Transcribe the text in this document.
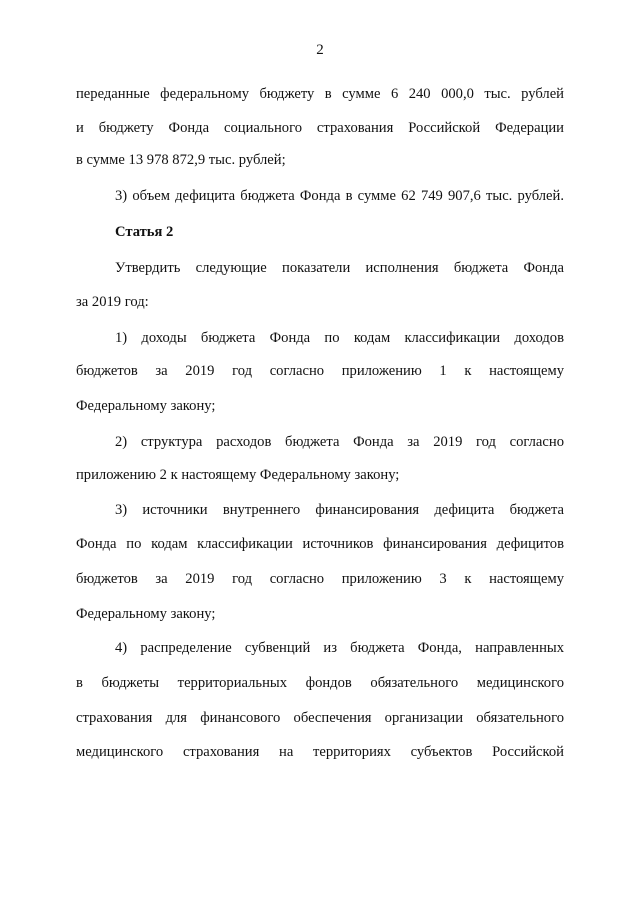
2
переданные федеральному бюджету в сумме 6 240 000,0 тыс. рублей
и бюджету Фонда социального страхования Российской Федерации
в сумме 13 978 872,9 тыс. рублей;
3) объем дефицита бюджета Фонда в сумме 62 749 907,6 тыс. рублей.
Статья 2
Утвердить следующие показатели исполнения бюджета Фонда
за 2019 год:
1) доходы бюджета Фонда по кодам классификации доходов
бюджетов за 2019 год согласно приложению 1 к настоящему
Федеральному закону;
2) структура расходов бюджета Фонда за 2019 год согласно
приложению 2 к настоящему Федеральному закону;
3) источники внутреннего финансирования дефицита бюджета
Фонда по кодам классификации источников финансирования дефицитов
бюджетов за 2019 год согласно приложению 3 к настоящему
Федеральному закону;
4) распределение субвенций из бюджета Фонда, направленных
в бюджеты территориальных фондов обязательного медицинского
страхования для финансового обеспечения организации обязательного
медицинского страхования на территориях субъектов Российской
